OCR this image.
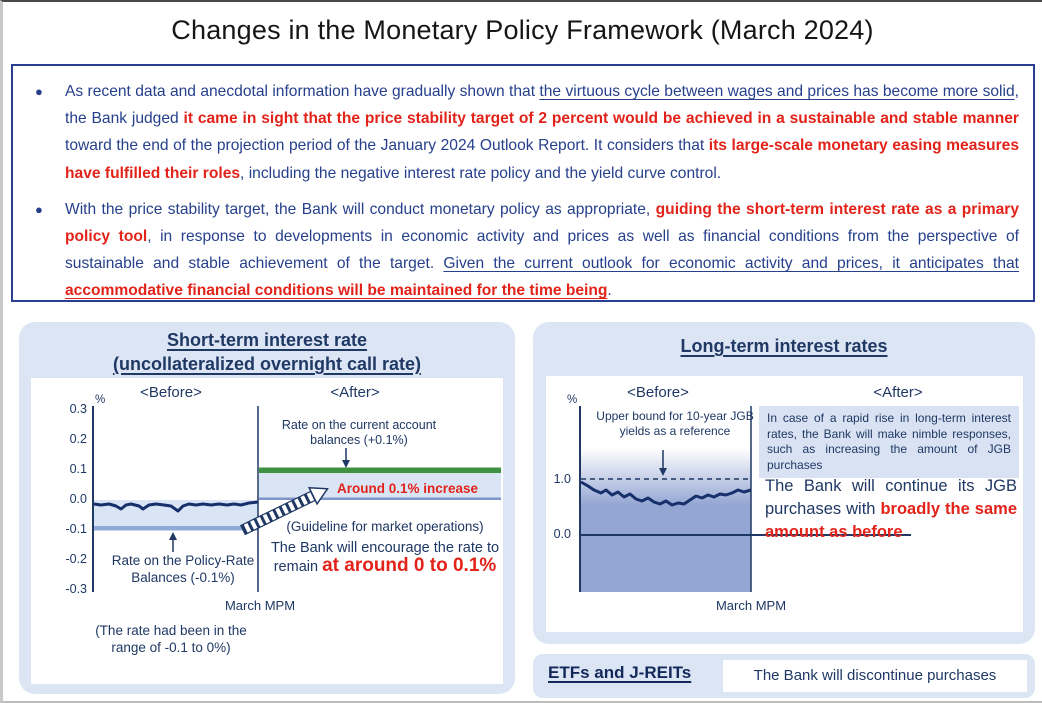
Changes in the Monetary Policy Framework (March 2024)
●	As recent data and anecdotal information have gradually shown that the virtuous cycle between wages and prices has become more solid, the Bank judged it came in sight that the price stability target of 2 percent would be achieved in a sustainable and stable manner toward the end of the projection period of the January 2024 Outlook Report. It considers that its large-scale monetary easing measures have fulfilled their roles, including the negative interest rate policy and the yield curve control.
●	With the price stability target, the Bank will conduct monetary policy as appropriate, guiding the short-term interest rate as a primary policy tool, in response to developments in economic activity and prices as well as financial conditions from the perspective of sustainable and stable achievement of the target. Given the current outlook for economic activity and prices, it anticipates that accommodative financial conditions will be maintained for the time being.
Short-term interest rate
(uncollateralized overnight call rate)
<Before>	<After>
%
0.3
0.2
0.1
0.0
-0.1
-0.2
-0.3
Rate on the current account balances (+0.1%)
Around 0.1% increase
(Guideline for market operations)
The Bank will encourage the rate to
remain at around 0 to 0.1%
Rate on the Policy-Rate Balances (-0.1%)
March MPM
(The rate had been in the range of -0.1 to 0%)
Long-term interest rates
<Before>	<After>
%
1.0
0.0
Upper bound for 10-year JGB yields as a reference
In case of a rapid rise in long-term interest rates, the Bank will make nimble responses, such as increasing the amount of JGB purchases
The Bank will continue its JGB purchases with broadly the same amount as before
March MPM
ETFs and J-REITs	The Bank will discontinue purchases
